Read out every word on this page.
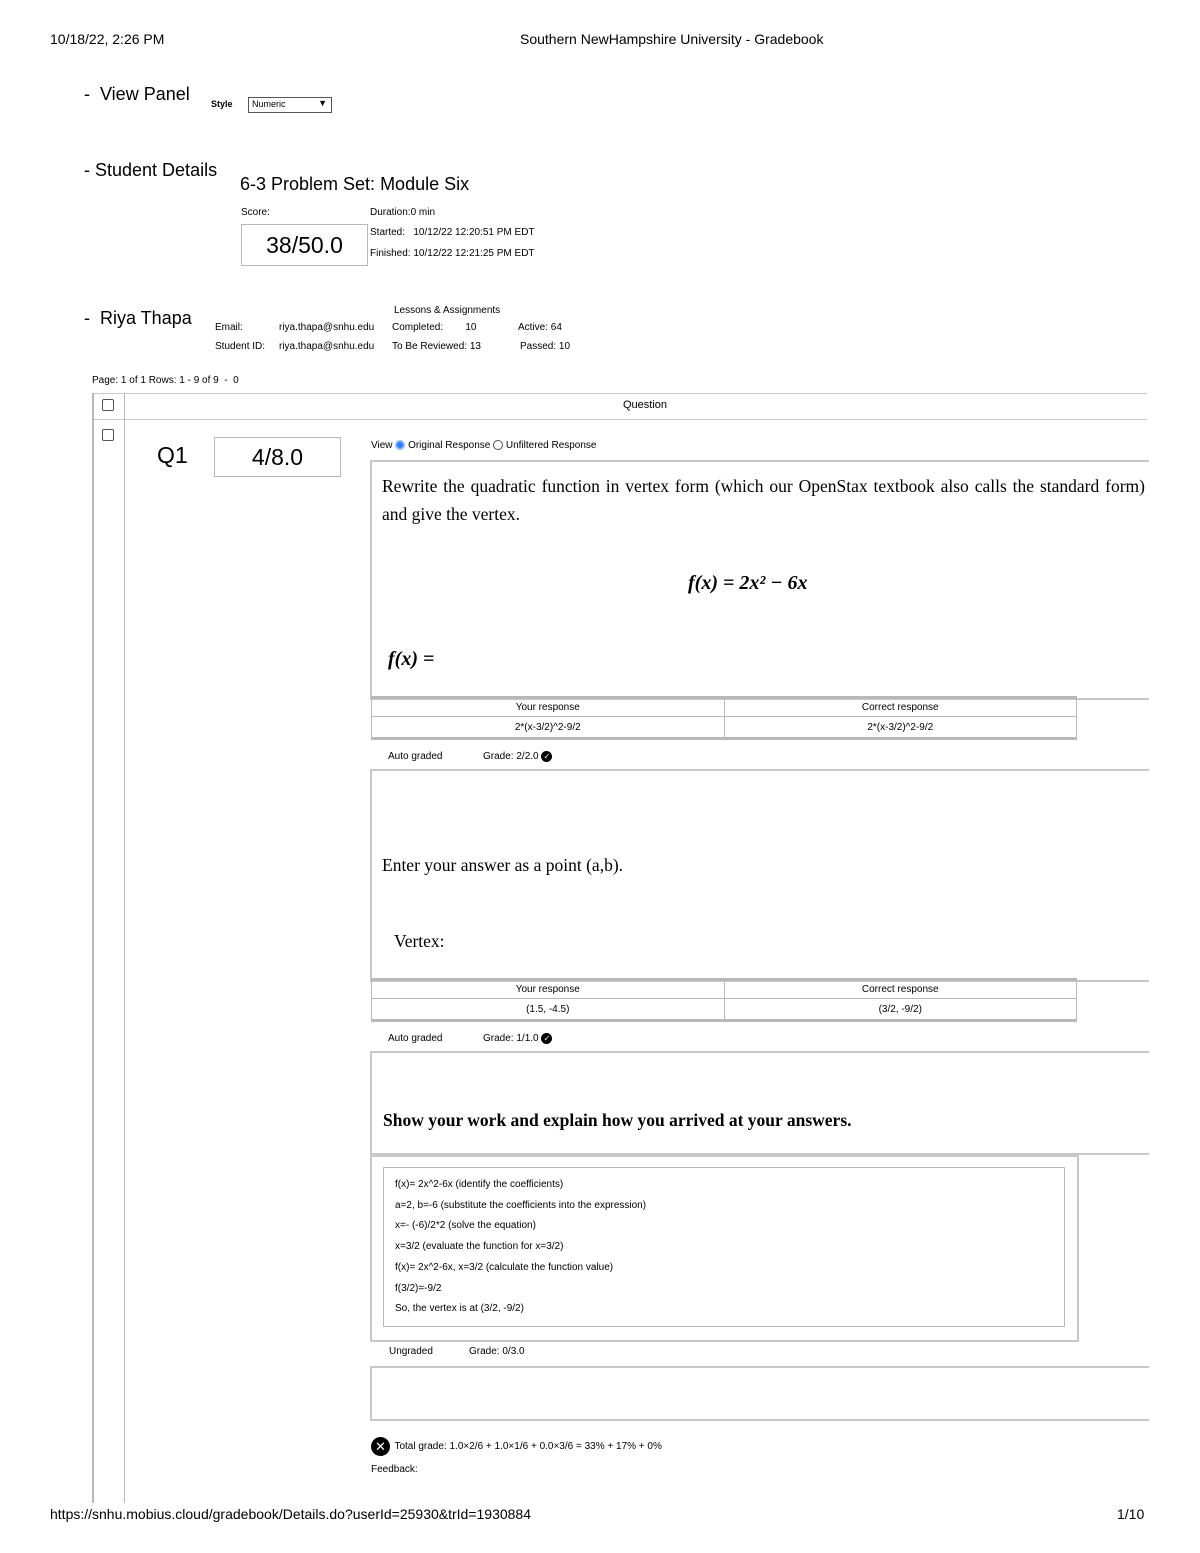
10/18/22, 2:26 PM	Southern NewHampshire University - Gradebook
-  View Panel Style	Numeric	▼
- Student Details
6-3 Problem Set: Module Six
Score:
38/50.0
Duration:0 min
Started:   10/12/22 12:20:51 PM EDT
Finished: 10/12/22 12:21:25 PM EDT
-  Riya Thapa	Lessons & Assignments
Email:	riya.thapa@snhu.edu	Completed:        10	Active: 64
Student ID: riya.thapa@snhu.edu	To Be Reviewed: 13	Passed: 10
Page: 1 of 1 Rows: 1 - 9 of 9  -  0
Question
Q1	4/8.0	View Original Response Unfiltered Response
Rewrite the quadratic function in vertex form (which our OpenStax textbook also calls the standard form) and give the vertex.
f(x) = 2x² − 6x
f(x) =
Your response	Correct response
2*(x-3/2)^2-9/2	2*(x-3/2)^2-9/2
Auto graded	Grade: 2/2.0 ✓
Enter your answer as a point (a,b).
Vertex:
Your response	Correct response
(1.5, -4.5)	(3/2, -9/2)
Auto graded	Grade: 1/1.0 ✓
Show your work and explain how you arrived at your answers.
f(x)= 2x^2-6x (identify the coefficients)
a=2, b=-6 (substitute the coefficients into the expression)
x=- (-6)/2*2 (solve the equation)
x=3/2 (evaluate the function for x=3/2)
f(x)= 2x^2-6x, x=3/2 (calculate the function value)
f(3/2)=-9/2
So, the vertex is at (3/2, -9/2)
Ungraded	Grade: 0/3.0
✕ Total grade: 1.0×2/6 + 1.0×1/6 + 0.0×3/6 = 33% + 17% + 0%
Feedback:
https://snhu.mobius.cloud/gradebook/Details.do?userId=25930&trId=1930884	1/10
